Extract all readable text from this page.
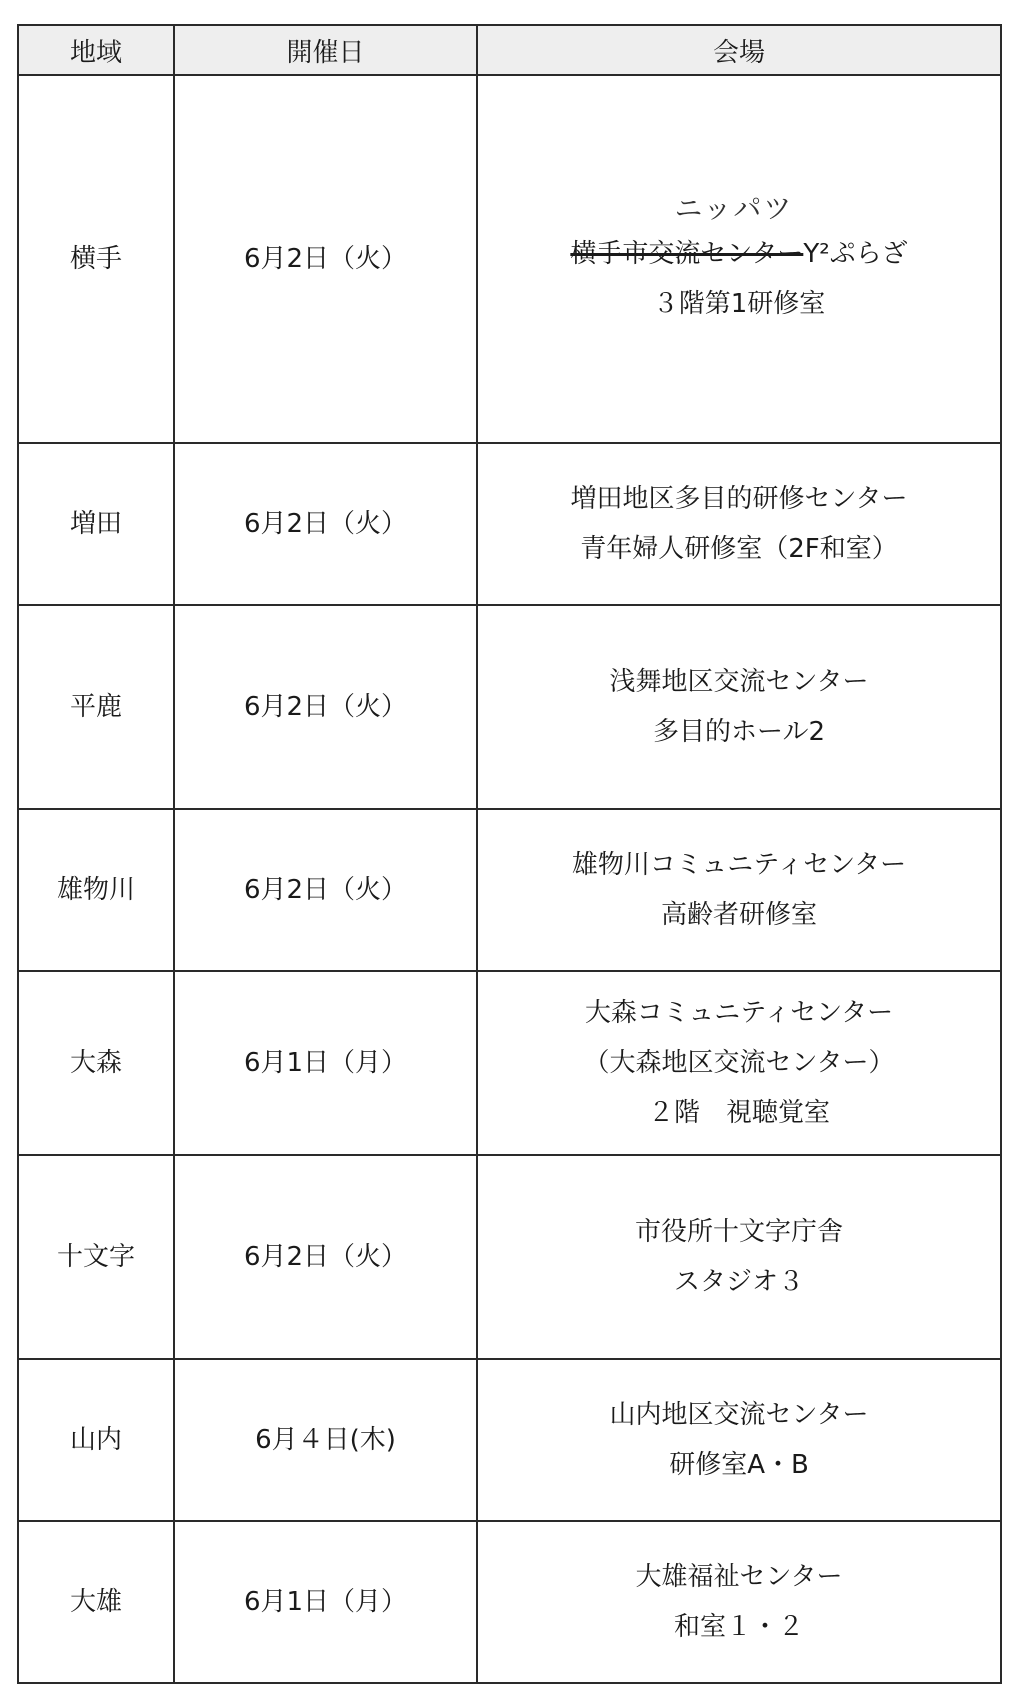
地域	開催日	会場
横手	6月2日（火）	ニッパツ
横手市交流センターY²ぷらざ
３階第1研修室

増田	6月2日（火）	増田地区多目的研修センター
青年婦人研修室（2F和室）

平鹿	6月2日（火）	浅舞地区交流センター
多目的ホール2

雄物川	6月2日（火）	雄物川コミュニティセンター
高齢者研修室

大森	6月1日（月）	大森コミュニティセンター
（大森地区交流センター）
２階　視聴覚室

十文字	6月2日（火）	市役所十文字庁舎
スタジオ３

山内	6月４日(木)	山内地区交流センター
研修室A・B

大雄	6月1日（月）	大雄福祉センター
和室１・２
